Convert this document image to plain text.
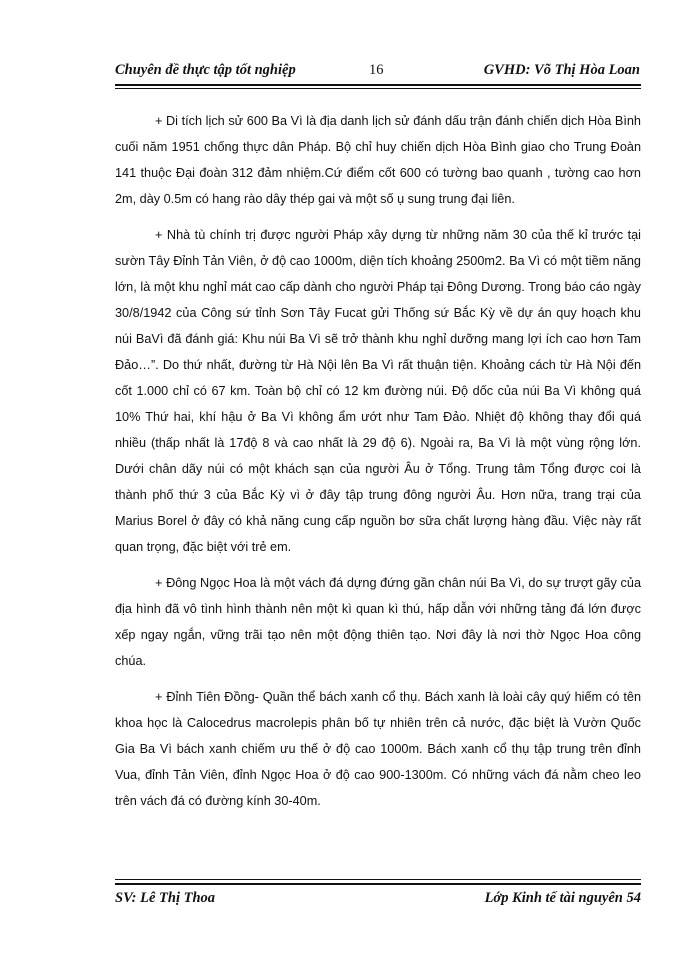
Chuyên đề thực tập tốt nghiệp	16	GVHD: Võ Thị Hòa Loan

+ Di tích lịch sử 600 Ba Vì là địa danh lịch sử đánh dấu trận đánh chiến dịch Hòa Bình cuối năm 1951 chống thực dân Pháp. Bộ chỉ huy chiến dịch Hòa Bình giao cho Trung Đoàn 141 thuộc Đại đoàn 312 đảm nhiệm.Cứ điểm cốt 600 có tường bao quanh , tường cao hơn 2m, dày 0.5m có hang rào dây thép gai và một số ụ sung trung đại liên.

+ Nhà tù chính trị được người Pháp xây dựng từ những năm 30 của thế kỉ trước tại sườn Tây Đỉnh Tản Viên, ở độ cao 1000m, diện tích khoảng 2500m2. Ba Vì có một tiềm năng lớn, là một khu nghỉ mát cao cấp dành cho người Pháp tại Đông Dương. Trong báo cáo ngày 30/8/1942 của Công sứ tỉnh Sơn Tây Fucat gửi Thống sứ Bắc Kỳ về dự án quy hoạch khu núi BaVì đã đánh giá: Khu núi Ba Vì sẽ trở thành khu nghỉ dưỡng mang lợi ích cao hơn Tam Đảo…”. Do thứ nhất, đường từ Hà Nội lên Ba Vì rất thuận tiện. Khoảng cách từ Hà Nội đến cốt 1.000 chỉ có 67 km. Toàn bộ chỉ có 12 km đường núi. Độ dốc của núi Ba Vì không quá 10% Thứ hai, khí hậu ở Ba Vì không ẩm ướt như Tam Đảo. Nhiệt độ không thay đổi quá nhiều (thấp nhất là 17độ 8 và cao nhất là 29 độ 6). Ngoài ra, Ba Vì là một vùng rộng lớn. Dưới chân dãy núi có một khách sạn của người Âu ở Tổng. Trung tâm Tổng được coi là thành phố thứ 3 của Bắc Kỳ vì ở đây tập trung đông người Âu. Hơn nữa, trang trại của Marius Borel ở đây có khả năng cung cấp nguồn bơ sữa chất lượng hàng đầu. Việc này rất quan trọng, đặc biệt với trẻ em.

+ Đông Ngọc Hoa là một vách đá dựng đứng gần chân núi Ba Vì, do sự trượt gãy của địa hình đã vô tình hình thành nên một kì quan kì thú, hấp dẫn với những tảng đá lớn được xếp ngay ngắn, vững trãi tạo nên một động thiên tạo. Nơi đây là nơi thờ Ngọc Hoa công chúa.

+ Đỉnh Tiên Đồng- Quần thể bách xanh cổ thụ. Bách xanh là loài cây quý hiếm có tên khoa học là Calocedrus macrolepis phân bố tự nhiên trên cả nước, đặc biệt là Vườn Quốc Gia Ba Vì bách xanh chiếm ưu thế ở độ cao 1000m. Bách xanh cổ thụ tập trung trên đỉnh Vua, đỉnh Tản Viên, đỉnh Ngọc Hoa ở độ cao 900-1300m. Có những vách đá nằm cheo leo trên vách đá có đường kính 30-40m.

SV: Lê Thị Thoa	Lớp Kinh tế tài nguyên 54
